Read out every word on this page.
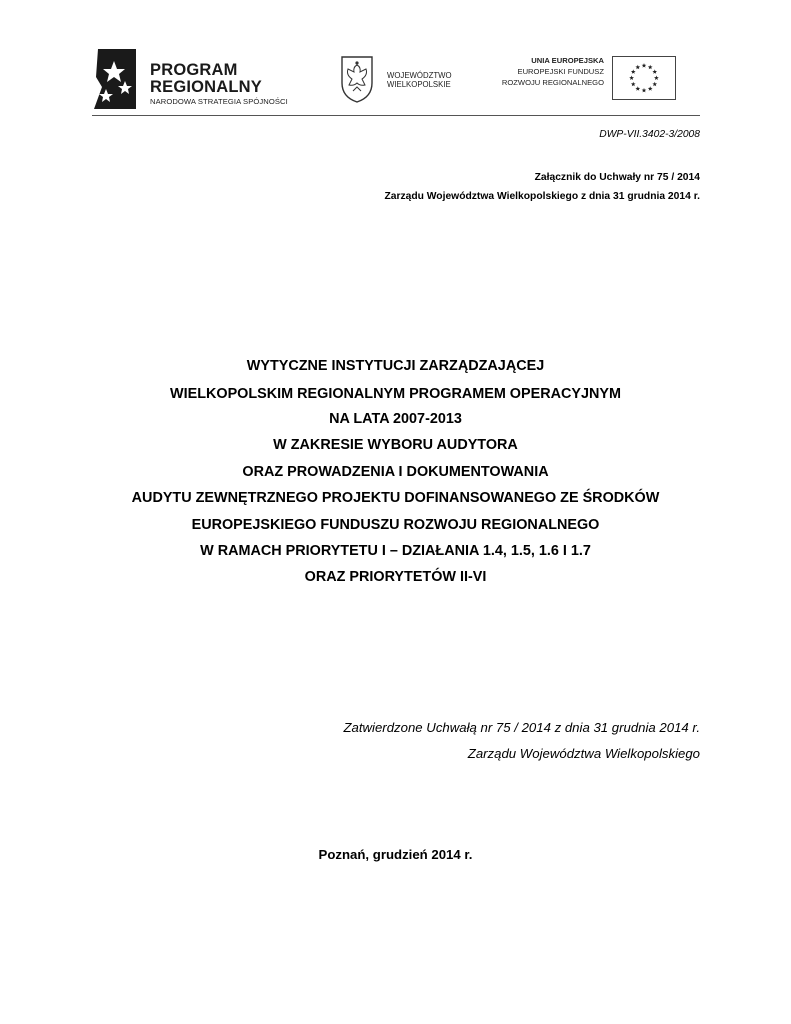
PROGRAM
REGIONALNY
NARODOWA STRATEGIA SPÓJNOŚCI
WOJEWÓDZTWO
WIELKOPOLSKIE
UNIA EUROPEJSKA
EUROPEJSKI FUNDUSZ
ROZWOJU REGIONALNEGO
DWP-VII.3402-3/2008
Załącznik do Uchwały nr 75 / 2014
Zarządu Województwa Wielkopolskiego z dnia 31 grudnia 2014 r.
WYTYCZNE INSTYTUCJI ZARZĄDZAJĄCEJ
WIELKOPOLSKIM REGIONALNYM PROGRAMEM OPERACYJNYM
NA LATA 2007-2013
W ZAKRESIE WYBORU AUDYTORA
ORAZ PROWADZENIA I DOKUMENTOWANIA
AUDYTU ZEWNĘTRZNEGO PROJEKTU DOFINANSOWANEGO ZE ŚRODKÓW
EUROPEJSKIEGO FUNDUSZU ROZWOJU REGIONALNEGO
W RAMACH PRIORYTETU I – DZIAŁANIA 1.4, 1.5, 1.6 I 1.7
ORAZ PRIORYTETÓW II-VI
Zatwierdzone Uchwałą nr 75 / 2014 z dnia 31 grudnia 2014 r.
Zarządu Województwa Wielkopolskiego
Poznań, grudzień 2014 r.
